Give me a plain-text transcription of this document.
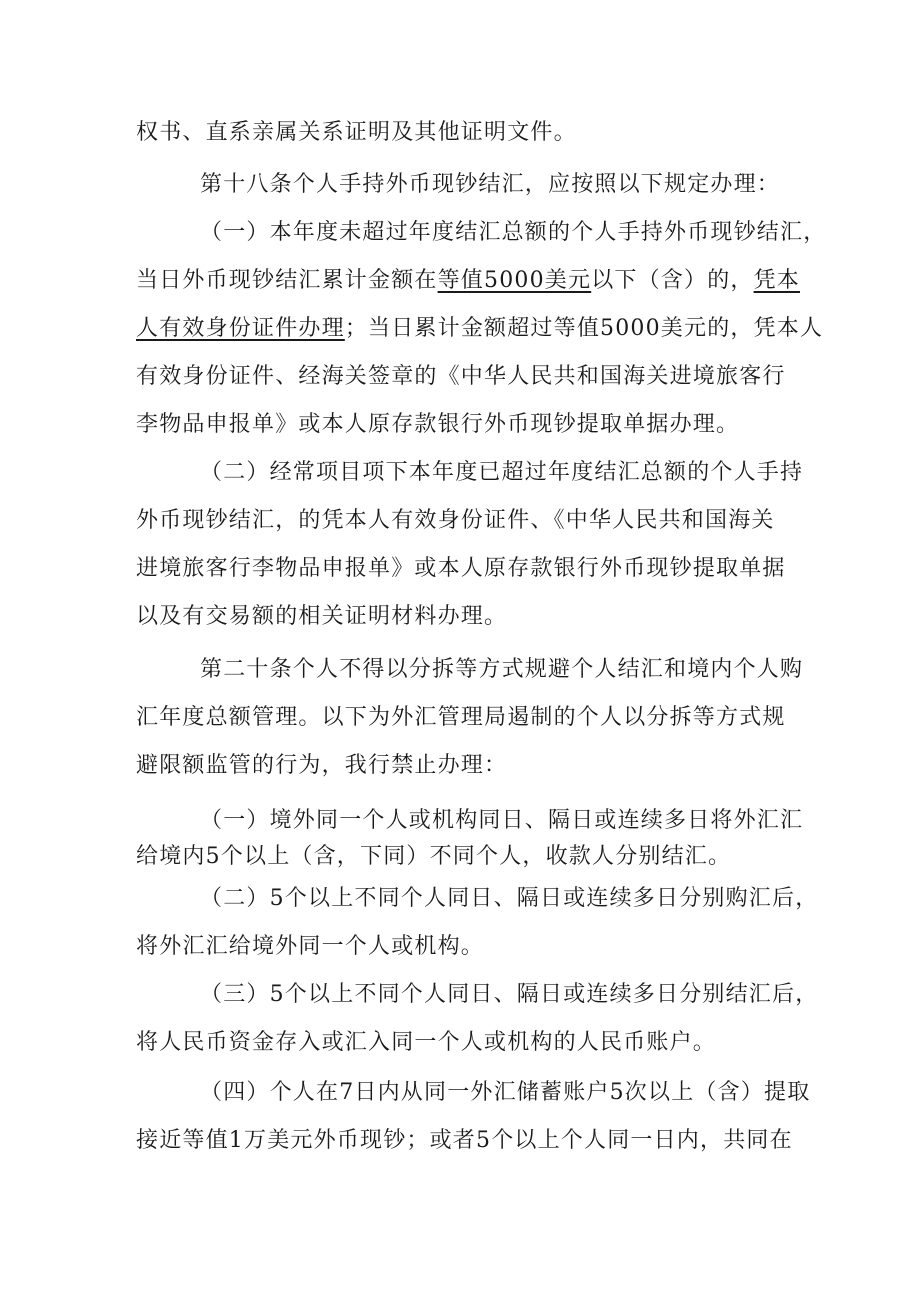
权书、直系亲属关系证明及其他证明文件。
第十八条个人手持外币现钞结汇，应按照以下规定办理：
（一）本年度未超过年度结汇总额的个人手持外币现钞结汇，
当日外币现钞结汇累计金额在等值5000美元以下（含）的，凭本
人有效身份证件办理；当日累计金额超过等值5000美元的，凭本人
有效身份证件、经海关签章的《中华人民共和国海关进境旅客行
李物品申报单》或本人原存款银行外币现钞提取单据办理。
（二）经常项目项下本年度已超过年度结汇总额的个人手持
外币现钞结汇，的凭本人有效身份证件、《中华人民共和国海关
进境旅客行李物品申报单》或本人原存款银行外币现钞提取单据
以及有交易额的相关证明材料办理。
第二十条个人不得以分拆等方式规避个人结汇和境内个人购
汇年度总额管理。以下为外汇管理局遏制的个人以分拆等方式规
避限额监管的行为，我行禁止办理：
（一）境外同一个人或机构同日、隔日或连续多日将外汇汇
给境内5个以上（含，下同）不同个人，收款人分别结汇。
（二）5个以上不同个人同日、隔日或连续多日分别购汇后，
将外汇汇给境外同一个人或机构。
（三）5个以上不同个人同日、隔日或连续多日分别结汇后，
将人民币资金存入或汇入同一个人或机构的人民币账户。
（四）个人在7日内从同一外汇储蓄账户5次以上（含）提取
接近等值1万美元外币现钞；或者5个以上个人同一日内，共同在
